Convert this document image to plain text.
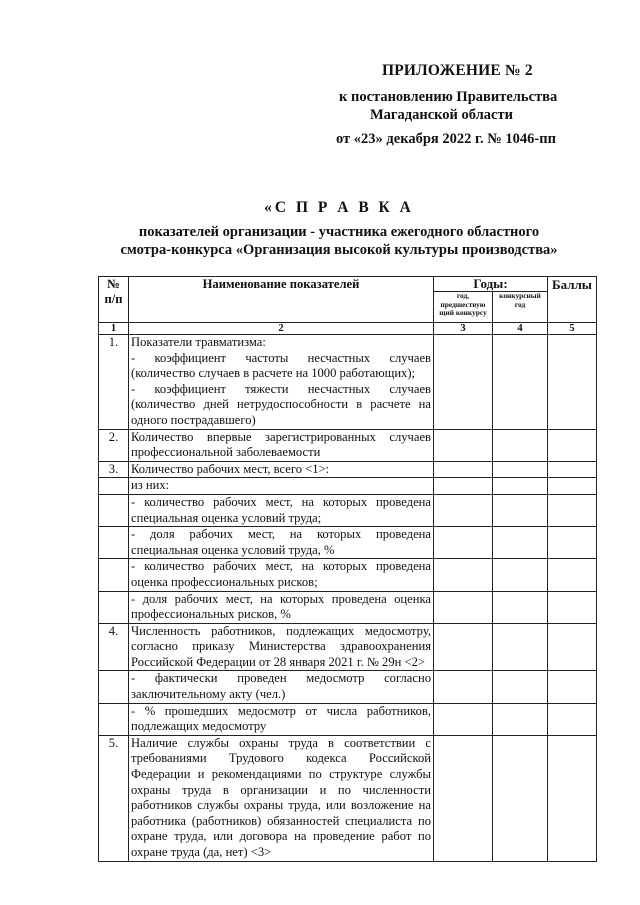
ПРИЛОЖЕНИЕ № 2
к постановлению Правительства
Магаданской области
от «23» декабря 2022 г. № 1046-пп
«С П Р А В К А
показателей организации - участника ежегодного областного
смотра-конкурса «Организация высокой культуры производства»
№ п/п	Наименование показателей	Годы:		Баллы
		год, предшествую щий конкурсу	конкурсный год	
1	2	3	4	5
1.	Показатели травматизма:
- коэффициент частоты несчастных случаев (количество случаев в расчете на 1000 работающих);
- коэффициент тяжести несчастных случаев (количество дней нетрудоспособности в расчете на одного пострадавшего)			

2.	Количество впервые зарегистрированных случаев профессиональной заболеваемости			

3.	Количество рабочих мест, всего <1>:			

	из них:			

	- количество рабочих мест, на которых проведена специальная оценка условий труда;			

	- доля рабочих мест, на которых проведена специальная оценка условий труда, %			

	- количество рабочих мест, на которых проведена оценка профессиональных рисков;			

	- доля рабочих мест, на которых проведена оценка профессиональных рисков, %			

4.	Численность работников, подлежащих медосмотру, согласно приказу Министерства здравоохранения Российской Федерации от 28 января 2021 г. № 29н <2>			

	- фактически проведен медосмотр согласно заключительному акту (чел.)			

	- % прошедших медосмотр от числа работников, подлежащих медосмотру			

5.	Наличие службы охраны труда в соответствии с требованиями Трудового кодекса Российской Федерации и рекомендациями по структуре службы охраны труда в организации и по численности работников службы охраны труда, или возложение на работника (работников) обязанностей специалиста по охране труда, или договора на проведение работ по охране труда (да, нет) <3>			
